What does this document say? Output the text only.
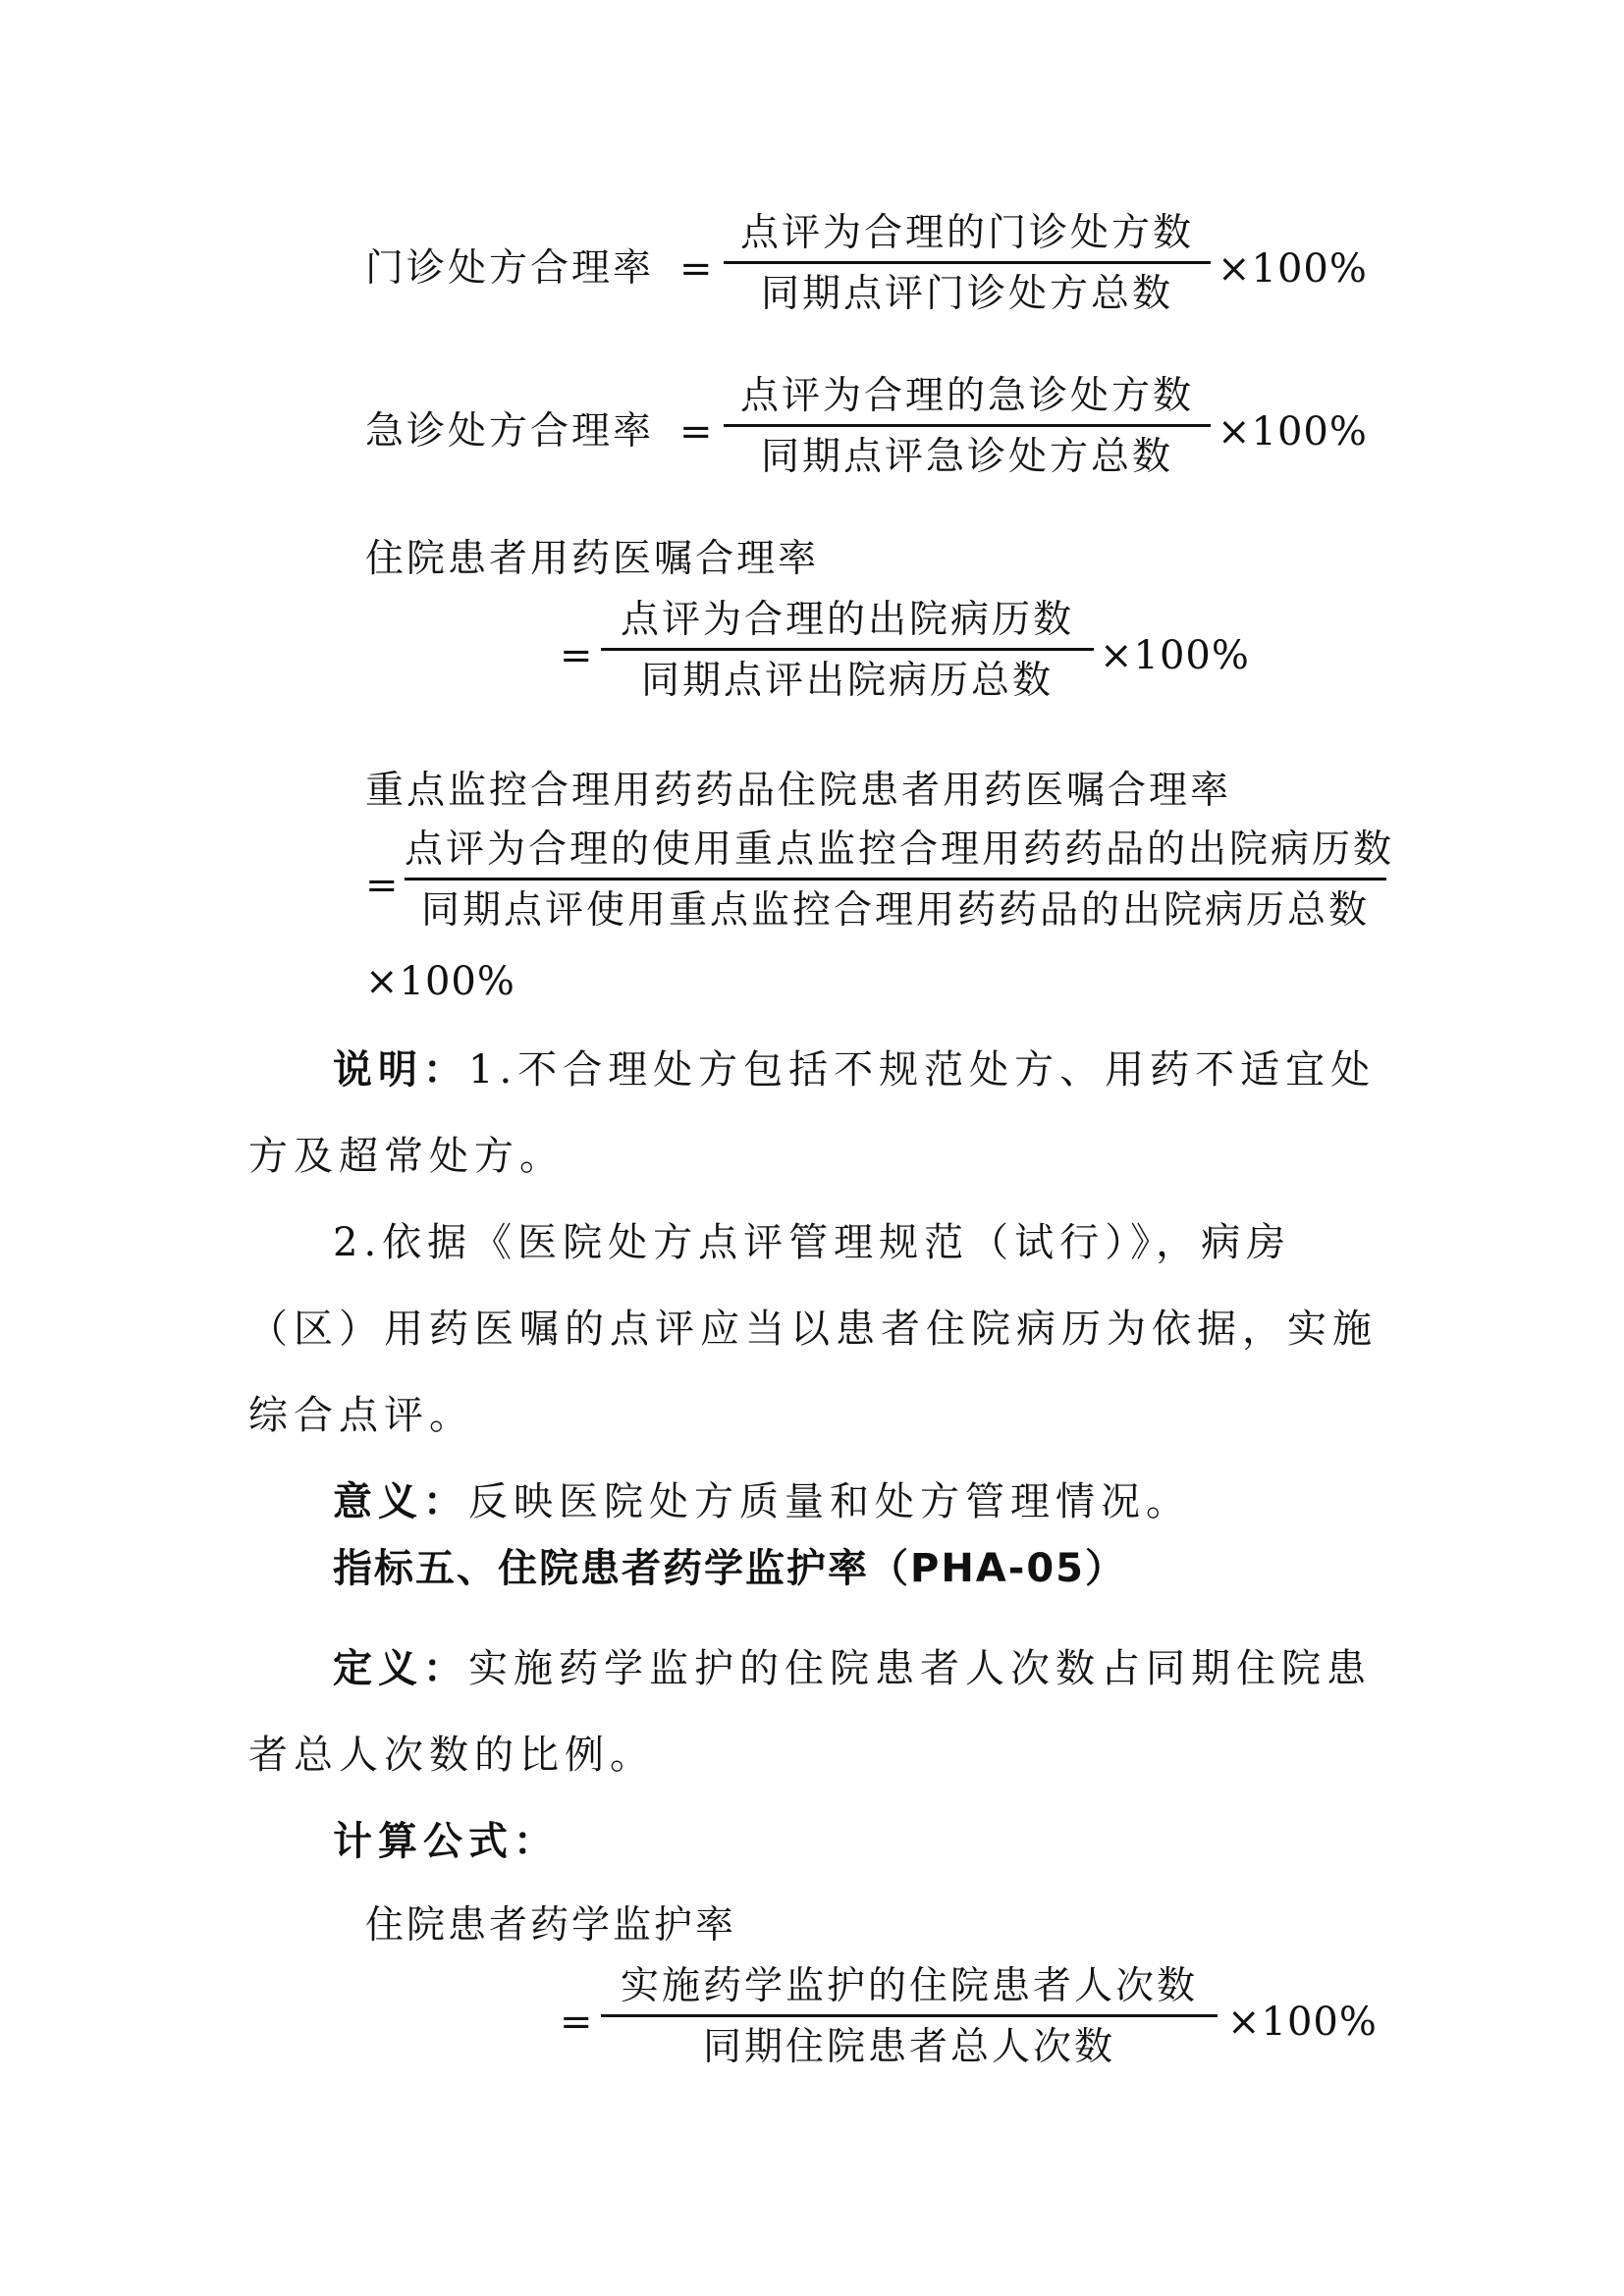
门诊处方合理率 =
点评为合理的门诊处方数
同期点评门诊处方总数
×100%
急诊处方合理率 =
点评为合理的急诊处方数
同期点评急诊处方总数
×100%
住院患者用药医嘱合理率
=
点评为合理的出院病历数
同期点评出院病历总数
×100%
重点监控合理用药药品住院患者用药医嘱合理率
=
点评为合理的使用重点监控合理用药药品的出院病历数
同期点评使用重点监控合理用药药品的出院病历总数
×100%
说明：1.不合理处方包括不规范处方、用药不适宜处方及超常处方。
2.依据《医院处方点评管理规范（试行）》，病房（区）用药医嘱的点评应当以患者住院病历为依据，实施综合点评。
意义：反映医院处方质量和处方管理情况。
指标五、住院患者药学监护率（PHA-05）
定义：实施药学监护的住院患者人次数占同期住院患者总人次数的比例。
计算公式：
住院患者药学监护率
=
实施药学监护的住院患者人次数
同期住院患者总人次数
×100%
